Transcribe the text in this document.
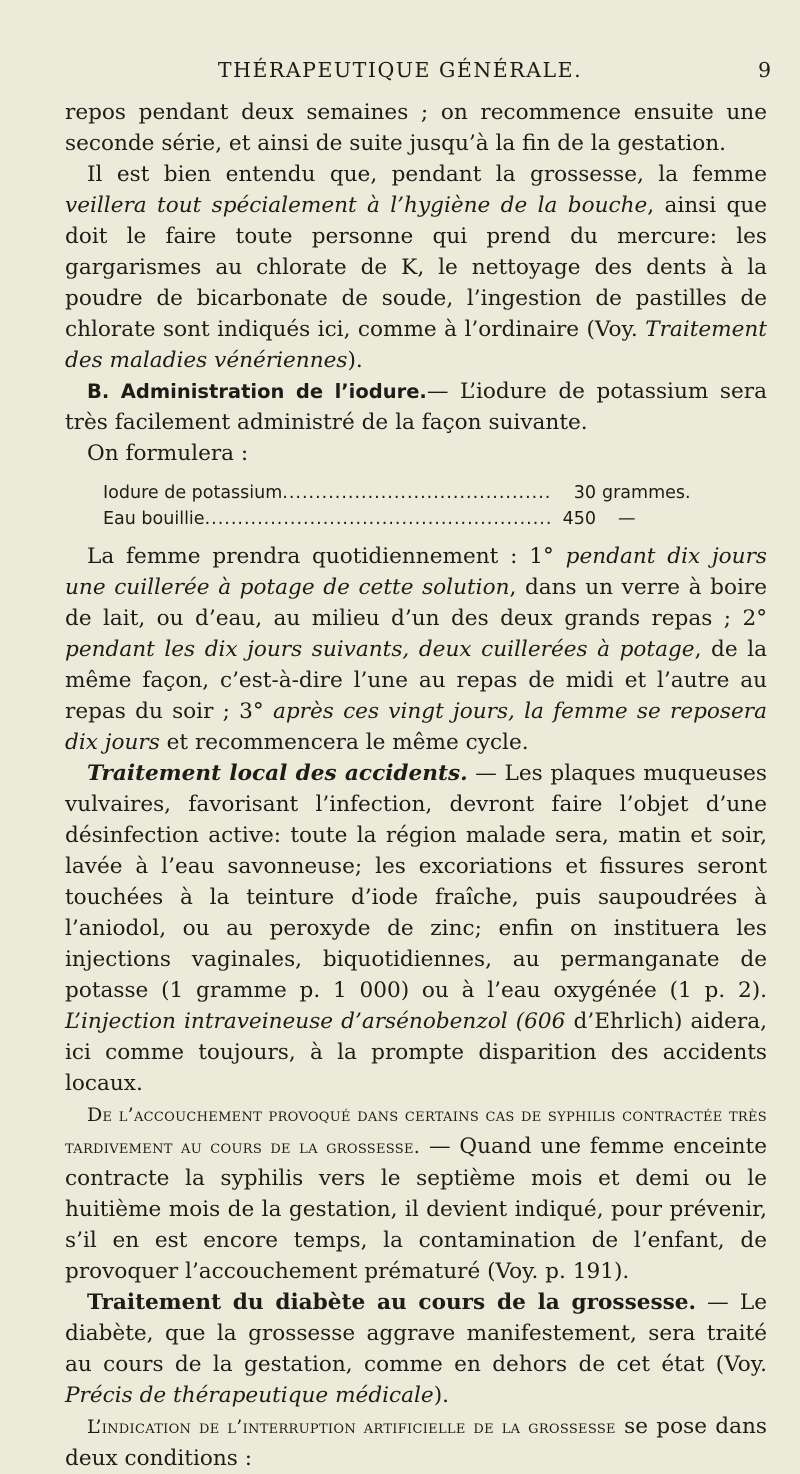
THÉRAPEUTIQUE GÉNÉRALE.	9

repos pendant deux semaines ; on recommence ensuite une seconde série, et ainsi de suite jusqu’à la fin de la gestation.

Il est bien entendu que, pendant la grossesse, la femme veillera tout spécialement à l’hygiène de la bouche, ainsi que doit le faire toute personne qui prend du mercure: les gargarismes au chlorate de K, le nettoyage des dents à la poudre de bicarbonate de soude, l’ingestion de pastilles de chlorate sont indiqués ici, comme à l’ordinaire (Voy. Traitement des maladies vénériennes).

B. Administration de l’iodure.— L’iodure de potassium sera très facilement administré de la façon suivante.

On formulera :

Iodure de potassium .....	30 grammes.
Eau bouillie .....	450	—

La femme prendra quotidiennement : 1° pendant dix jours une cuillerée à potage de cette solution, dans un verre à boire de lait, ou d’eau, au milieu d’un des deux grands repas ; 2° pendant les dix jours suivants, deux cuillerées à potage, de la même façon, c’est-à-dire l’une au repas de midi et l’autre au repas du soir ; 3° après ces vingt jours, la femme se reposera dix jours et recommencera le même cycle.

Traitement local des accidents. — Les plaques muqueuses vulvaires, favorisant l’infection, devront faire l’objet d’une désinfection active: toute la région malade sera, matin et soir, lavée à l’eau savonneuse; les excoriations et fissures seront touchées à la teinture d’iode fraîche, puis saupoudrées à l’aniodol, ou au peroxyde de zinc; enfin on instituera les injections vaginales, biquotidiennes, au permanganate de potasse (1 gramme p. 1 000) ou à l’eau oxygénée (1 p. 2). L’injection intraveineuse d’arsénobenzol (606 d’Ehrlich) aidera, ici comme toujours, à la prompte disparition des accidents locaux.

De l’accouchement provoqué dans certains cas de syphilis contractée très tardivement au cours de la grossesse. — Quand une femme enceinte contracte la syphilis vers le septième mois et demi ou le huitième mois de la gestation, il devient indiqué, pour prévenir, s’il en est encore temps, la contamination de l’enfant, de provoquer l’accouchement prématuré (Voy. p. 191).

Traitement du diabète au cours de la grossesse. — Le diabète, que la grossesse aggrave manifestement, sera traité au cours de la gestation, comme en dehors de cet état (Voy. Précis de thérapeutique médicale).

L’indication de l’interruption artificielle de la grossesse se pose dans deux conditions :
